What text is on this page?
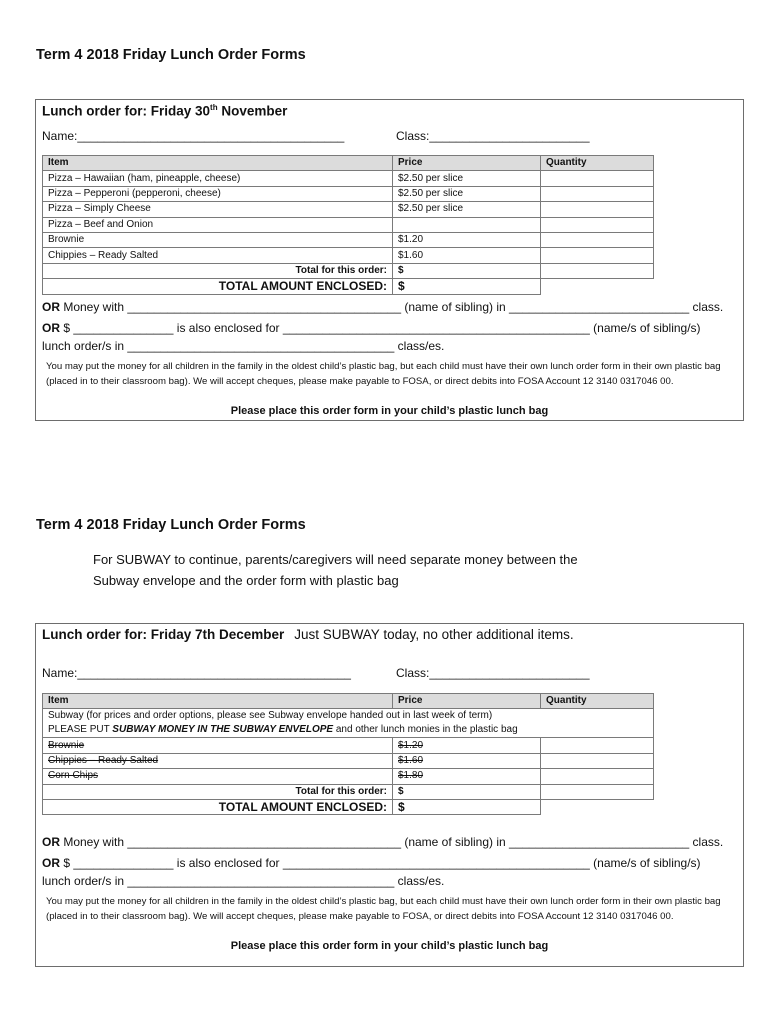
Term 4 2018 Friday Lunch Order Forms
Lunch order for: Friday 30th November
Name:________________________________________	Class:________________________
Item	Price	Quantity
Pizza – Hawaiian (ham, pineapple, cheese)	$2.50 per slice	
Pizza – Pepperoni (pepperoni, cheese)	$2.50 per slice	
Pizza – Simply Cheese	$2.50 per slice	
Pizza – Beef and Onion		
Brownie	$1.20	
Chippies – Ready Salted	$1.60	
Total for this order:	$	
TOTAL AMOUNT ENCLOSED:	$	
OR Money with _________________________________________ (name of sibling) in ___________________________ class.
OR $ _______________ is also enclosed for ______________________________________________ (name/s of sibling/s)
lunch order/s in ________________________________________ class/es.
You may put the money for all children in the family in the oldest child’s plastic bag, but each child must have their own lunch order form in their own plastic bag (placed in to their classroom bag). We will accept cheques, please make payable to FOSA, or direct debits into FOSA Account 12 3140 0317046 00.
Please place this order form in your child’s plastic lunch bag
Term 4 2018 Friday Lunch Order Forms
For SUBWAY to continue, parents/caregivers will need separate money between the
Subway envelope and the order form with plastic bag
Lunch order for: Friday 7th December Just SUBWAY today, no other additional items.
Name:_________________________________________	Class:________________________
Item	Price	Quantity

Subway (for prices and order options, please see Subway envelope handed out in last week of term)
PLEASE PUT SUBWAY MONEY IN THE SUBWAY ENVELOPE and other lunch monies in the plastic bag		

Brownie	$1.20	
Chippies – Ready Salted	$1.60	
Corn Chips	$1.80	
Total for this order:	$	
TOTAL AMOUNT ENCLOSED:	$	
OR Money with _________________________________________ (name of sibling) in ___________________________ class.
OR $ _______________ is also enclosed for ______________________________________________ (name/s of sibling/s)
lunch order/s in ________________________________________ class/es.
You may put the money for all children in the family in the oldest child’s plastic bag, but each child must have their own lunch order form in their own plastic bag (placed in to their classroom bag). We will accept cheques, please make payable to FOSA, or direct debits into FOSA Account 12 3140 0317046 00.
Please place this order form in your child’s plastic lunch bag
